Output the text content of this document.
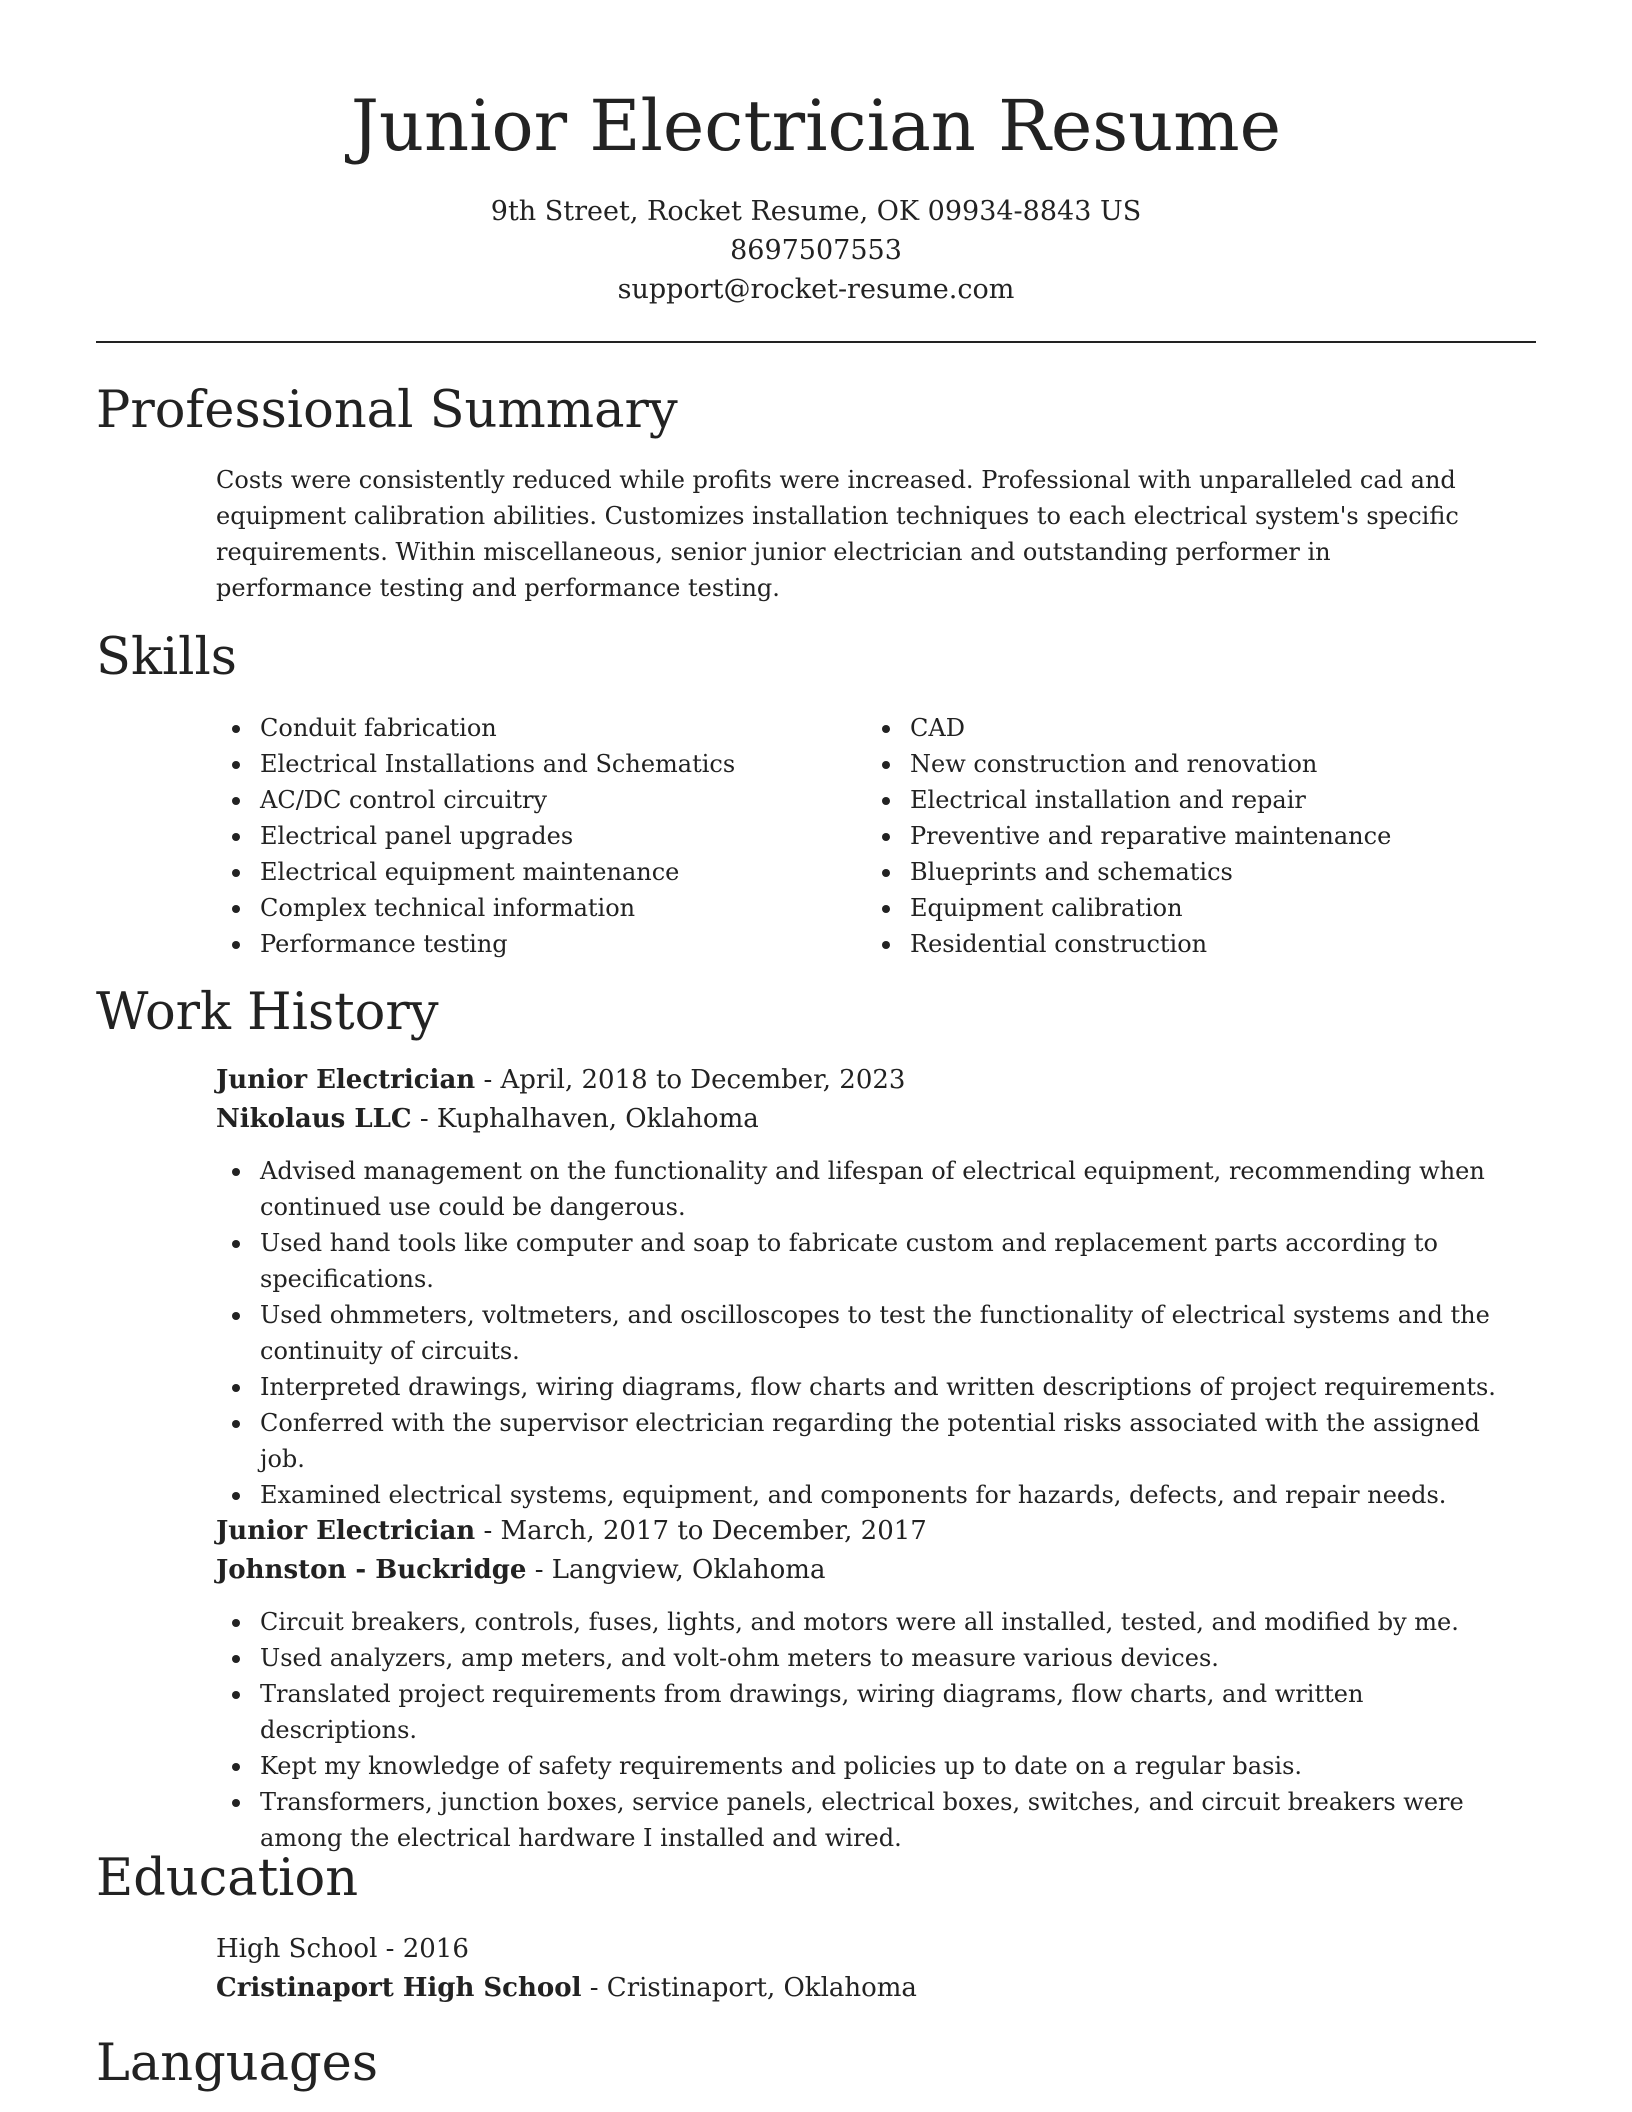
Junior Electrician Resume
9th Street, Rocket Resume, OK 09934-8843 US
8697507553
support@rocket-resume.com
Professional Summary
Costs were consistently reduced while profits were increased. Professional with unparalleled cad and equipment calibration abilities. Customizes installation techniques to each electrical system's specific requirements. Within miscellaneous, senior junior electrician and outstanding performer in performance testing and performance testing.
Skills
Conduit fabrication
Electrical Installations and Schematics
AC/DC control circuitry
Electrical panel upgrades
Electrical equipment maintenance
Complex technical information
Performance testing
CAD
New construction and renovation
Electrical installation and repair
Preventive and reparative maintenance
Blueprints and schematics
Equipment calibration
Residential construction
Work History
Junior Electrician - April, 2018 to December, 2023
Nikolaus LLC - Kuphalhaven, Oklahoma
Advised management on the functionality and lifespan of electrical equipment, recommending when continued use could be dangerous.
Used hand tools like computer and soap to fabricate custom and replacement parts according to specifications.
Used ohmmeters, voltmeters, and oscilloscopes to test the functionality of electrical systems and the continuity of circuits.
Interpreted drawings, wiring diagrams, flow charts and written descriptions of project requirements.
Conferred with the supervisor electrician regarding the potential risks associated with the assigned job.
Examined electrical systems, equipment, and components for hazards, defects, and repair needs.
Junior Electrician - March, 2017 to December, 2017
Johnston - Buckridge - Langview, Oklahoma
Circuit breakers, controls, fuses, lights, and motors were all installed, tested, and modified by me.
Used analyzers, amp meters, and volt-ohm meters to measure various devices.
Translated project requirements from drawings, wiring diagrams, flow charts, and written descriptions.
Kept my knowledge of safety requirements and policies up to date on a regular basis.
Transformers, junction boxes, service panels, electrical boxes, switches, and circuit breakers were among the electrical hardware I installed and wired.
Education
High School - 2016
Cristinaport High School - Cristinaport, Oklahoma
Languages
